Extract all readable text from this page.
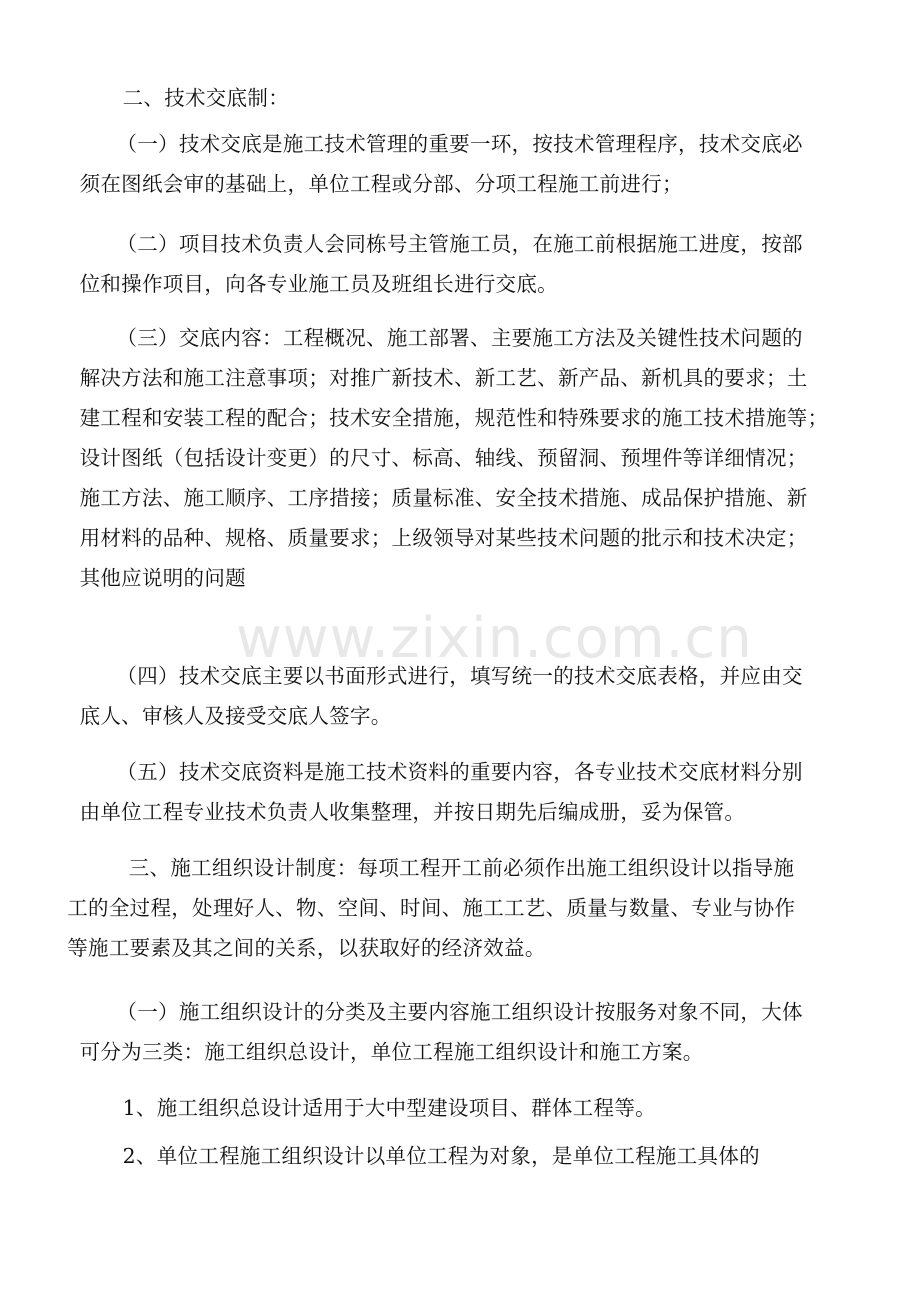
二、技术交底制：

（一）技术交底是施工技术管理的重要一环，按技术管理程序，技术交底必
须在图纸会审的基础上，单位工程或分部、分项工程施工前进行；

（二）项目技术负责人会同栋号主管施工员，在施工前根据施工进度，按部
位和操作项目，向各专业施工员及班组长进行交底。

（三）交底内容：工程概况、施工部署、主要施工方法及关键性技术问题的
解决方法和施工注意事项；对推广新技术、新工艺、新产品、新机具的要求；土
建工程和安装工程的配合；技术安全措施，规范性和特殊要求的施工技术措施等；
设计图纸（包括设计变更）的尺寸、标高、轴线、预留洞、预埋件等详细情况；
施工方法、施工顺序、工序措接；质量标准、安全技术措施、成品保护措施、新
用材料的品种、规格、质量要求；上级领导对某些技术问题的批示和技术决定；
其他应说明的问题

（四）技术交底主要以书面形式进行，填写统一的技术交底表格，并应由交
底人、审核人及接受交底人签字。

（五）技术交底资料是施工技术资料的重要内容，各专业技术交底材料分别
由单位工程专业技术负责人收集整理，并按日期先后编成册，妥为保管。

三、施工组织设计制度：每项工程开工前必须作出施工组织设计以指导施
工的全过程，处理好人、物、空间、时间、施工工艺、质量与数量、专业与协作
等施工要素及其之间的关系，以获取好的经济效益。

（一）施工组织设计的分类及主要内容施工组织设计按服务对象不同，大体
可分为三类：施工组织总设计，单位工程施工组织设计和施工方案。

1、施工组织总设计适用于大中型建设项目、群体工程等。

2、单位工程施工组织设计以单位工程为对象，是单位工程施工具体的

www.zixin.com.cn
